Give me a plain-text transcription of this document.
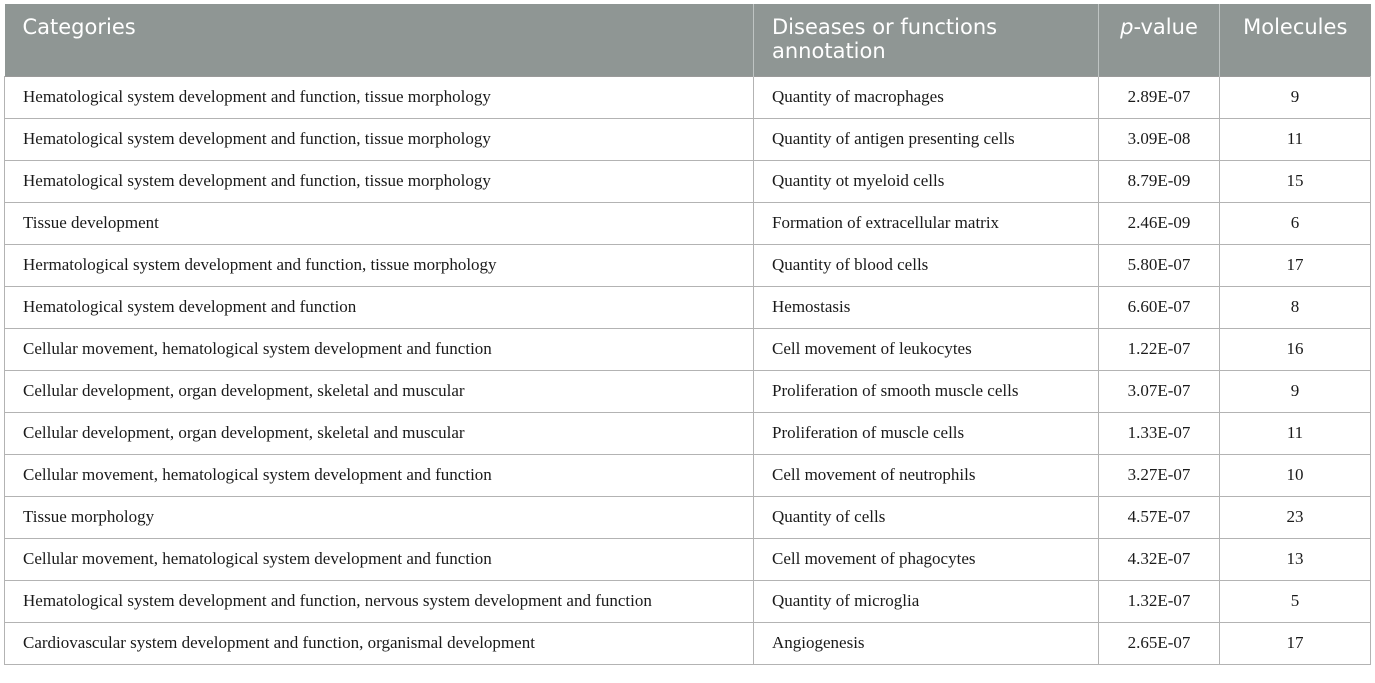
Categories	Diseases or functions annotation	p-value	Molecules
Hematological system development and function, tissue morphology	Quantity of macrophages	2.89E-07	9
Hematological system development and function, tissue morphology	Quantity of antigen presenting cells	3.09E-08	11
Hematological system development and function, tissue morphology	Quantity ot myeloid cells	8.79E-09	15
Tissue development	Formation of extracellular matrix	2.46E-09	6
Hermatological system development and function, tissue morphology	Quantity of blood cells	5.80E-07	17
Hematological system development and function	Hemostasis	6.60E-07	8
Cellular movement, hematological system development and function	Cell movement of leukocytes	1.22E-07	16
Cellular development, organ development, skeletal and muscular	Proliferation of smooth muscle cells	3.07E-07	9
Cellular development, organ development, skeletal and muscular	Proliferation of muscle cells	1.33E-07	11
Cellular movement, hematological system development and function	Cell movement of neutrophils	3.27E-07	10
Tissue morphology	Quantity of cells	4.57E-07	23
Cellular movement, hematological system development and function	Cell movement of phagocytes	4.32E-07	13
Hematological system development and function, nervous system development and function	Quantity of microglia	1.32E-07	5
Cardiovascular system development and function, organismal development	Angiogenesis	2.65E-07	17
